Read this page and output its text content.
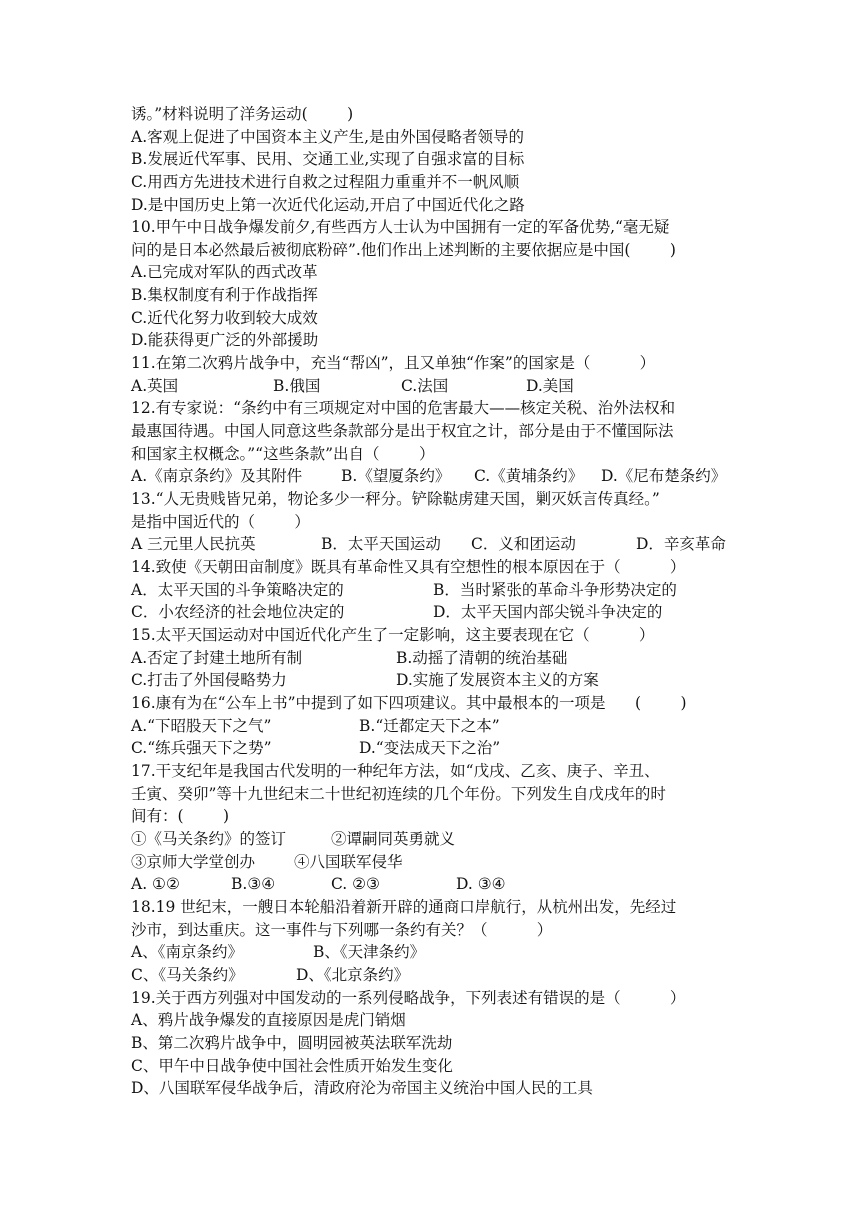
诱。”材料说明了洋务运动(        )
A.客观上促进了中国资本主义产生,是由外国侵略者领导的
B.发展近代军事、民用、交通工业,实现了自强求富的目标
C.用西方先进技术进行自救之过程阻力重重并不一帆风顺
D.是中国历史上第一次近代化运动,开启了中国近代化之路
10.甲午中日战争爆发前夕,有些西方人士认为中国拥有一定的军备优势,“毫无疑
问的是日本必然最后被彻底粉碎”.他们作出上述判断的主要依据应是中国(        )
A.已完成对军队的西式改革
B.集权制度有利于作战指挥
C.近代化努力收到较大成效
D.能获得更广泛的外部援助
11.在第二次鸦片战争中，充当“帮凶”，且又单独“作案”的国家是（          ）

A.英国

	B.俄国

	C.法国

	D.美国

12.有专家说：“条约中有三项规定对中国的危害最大——核定关税、治外法权和
最惠国待遇。中国人同意这些条款部分是出于权宜之计，部分是由于不懂国际法
和国家主权概念。”“这些条款”出自（        ）

A.《南京条约》及其附件

	B.《望厦条约》

C.《黄埔条约》

D.《尼布楚条约》

13.“人无贵贱皆兄弟，物论多少一秤分。铲除鞑虏建天国，剿灭妖言传真经。”
是指中国近代的（        ）

A 三元里人民抗英

	B．太平天国运动

C．义和团运动

	D．辛亥革命

14.致使《天朝田亩制度》既具有革命性又具有空想性的根本原因在于（          ）

A．太平天国的斗争策略决定的

	B．当时紧张的革命斗争形势决定的

C．小农经济的社会地位决定的

	D．太平天国内部尖锐斗争决定的

15.太平天国运动对中国近代化产生了一定影响，这主要表现在它（          ）

A.否定了封建土地所有制

	B.动摇了清朝的统治基础

C.打击了外国侵略势力

	D.实施了发展资本主义的方案

16.康有为在“公车上书”中提到了如下四项建议。其中最根本的一项是      (        )

A.“下昭股天下之气”

	B.“迁都定天下之本”

C.“练兵强天下之势”

	D.“变法成天下之治”

17.干支纪年是我国古代发明的一种纪年方法，如“戊戌、乙亥、庚子、辛丑、
壬寅、癸卯”等十九世纪末二十世纪初连续的几个年份。下列发生自戊戌年的时
间有：(        )

①《马关条约》的签订

	②谭嗣同英勇就义

③京师大学堂创办

	④八国联军侵华

A. ①②

	B.③④

	C. ②③

	D. ③④

18.19 世纪末，一艘日本轮船沿着新开辟的通商口岸航行，从杭州出发，先经过
沙市，到达重庆。这一事件与下列哪一条约有关？（          ）

A、《南京条约》

	B、《天津条约》

C、《马关条约》

	D、《北京条约》

19.关于西方列强对中国发动的一系列侵略战争，下列表述有错误的是（          ）
A、鸦片战争爆发的直接原因是虎门销烟
B、第二次鸦片战争中，圆明园被英法联军洗劫
C、甲午中日战争使中国社会性质开始发生变化
D、八国联军侵华战争后，清政府沦为帝国主义统治中国人民的工具
